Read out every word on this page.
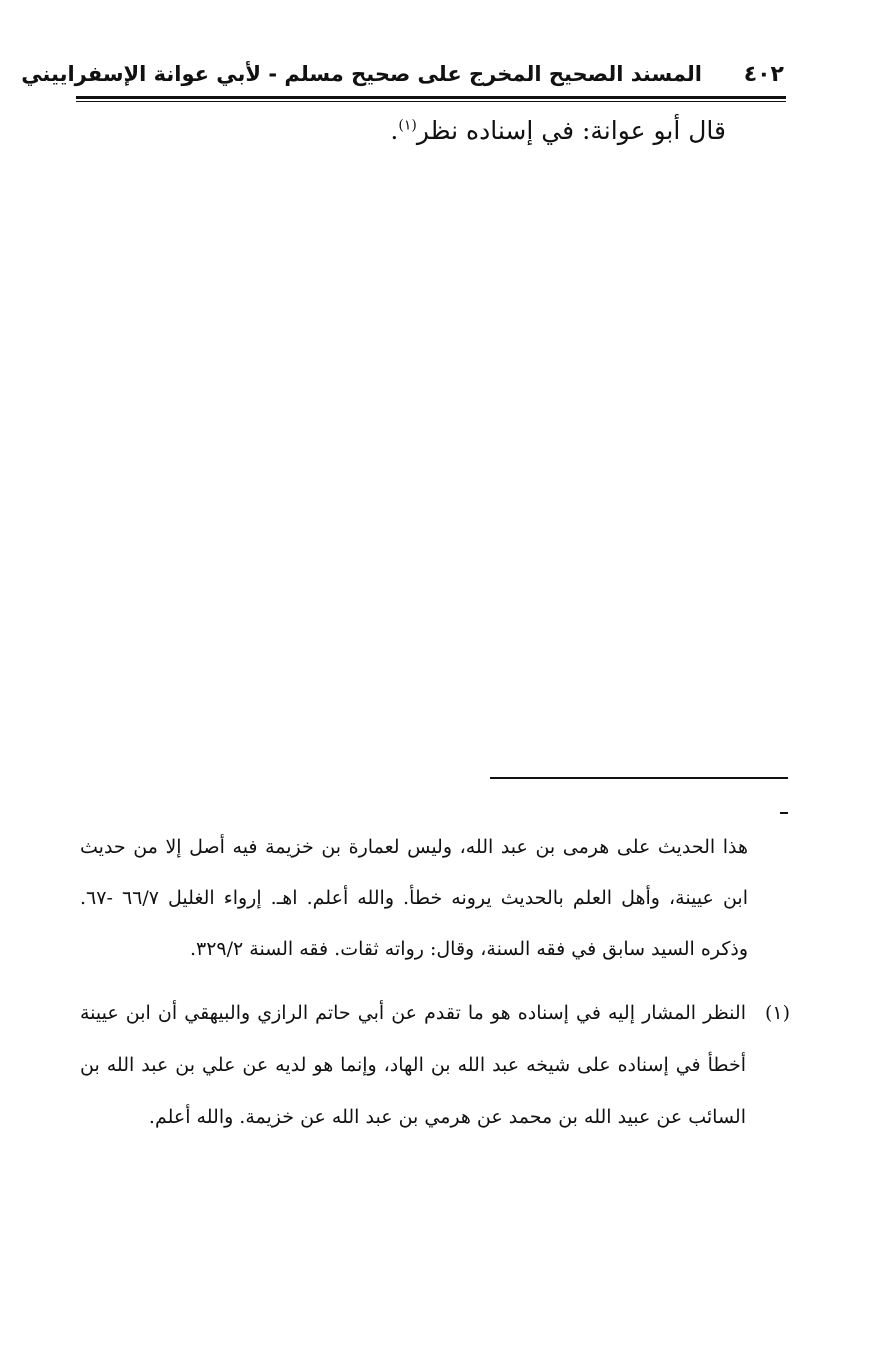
٤٠٢
المسند الصحيح المخرج على صحيح مسلم - لأبي عوانة الإسفراييني
قال أبو عوانة: في إسناده نظر$^{(١)}$.
هذا الحديث على هرمى بن عبد الله، وليس لعمارة بن خزيمة فيه أصل إلا من حديث ابن عيينة، وأهل العلم بالحديث يرونه خطأ. والله أعلم. اهـ. إرواء الغليل ٦٦/٧ -٦٧. وذكره السيد سابق في فقه السنة، وقال: رواته ثقات. فقه السنة ٣٢٩/٢.
(١)
النظر المشار إليه في إسناده هو ما تقدم عن أبي حاتم الرازي والبيهقي أن ابن عيينة أخطأ في إسناده على شيخه عبد الله بن الهاد، وإنما هو لديه عن علي بن عبد الله بن السائب عن عبيد الله بن محمد عن هرمي بن عبد الله عن خزيمة. والله أعلم.
